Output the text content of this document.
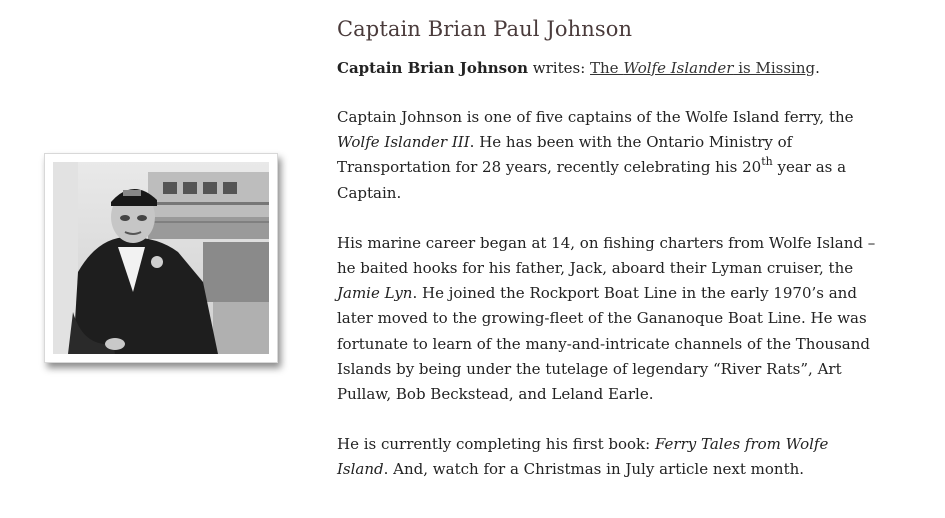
Captain Brian Paul Johnson
Captain Brian Johnson writes: The Wolfe Islander is Missing.

Captain Johnson is one of five captains of the Wolfe Island ferry, the Wolfe Islander III. He has been with the Ontario Ministry of Transportation for 28 years, recently celebrating his 20th year as a Captain.

His marine career began at 14, on fishing charters from Wolfe Island – he baited hooks for his father, Jack, aboard their Lyman cruiser, the Jamie Lyn. He joined the Rockport Boat Line in the early 1970’s and later moved to the growing-fleet of the Gananoque Boat Line. He was fortunate to learn of the many-and-intricate channels of the Thousand Islands by being under the tutelage of legendary “River Rats”, Art Pullaw, Bob Beckstead, and Leland Earle.

He is currently completing his first book: Ferry Tales from Wolfe Island. And, watch for a Christmas in July article next month.
